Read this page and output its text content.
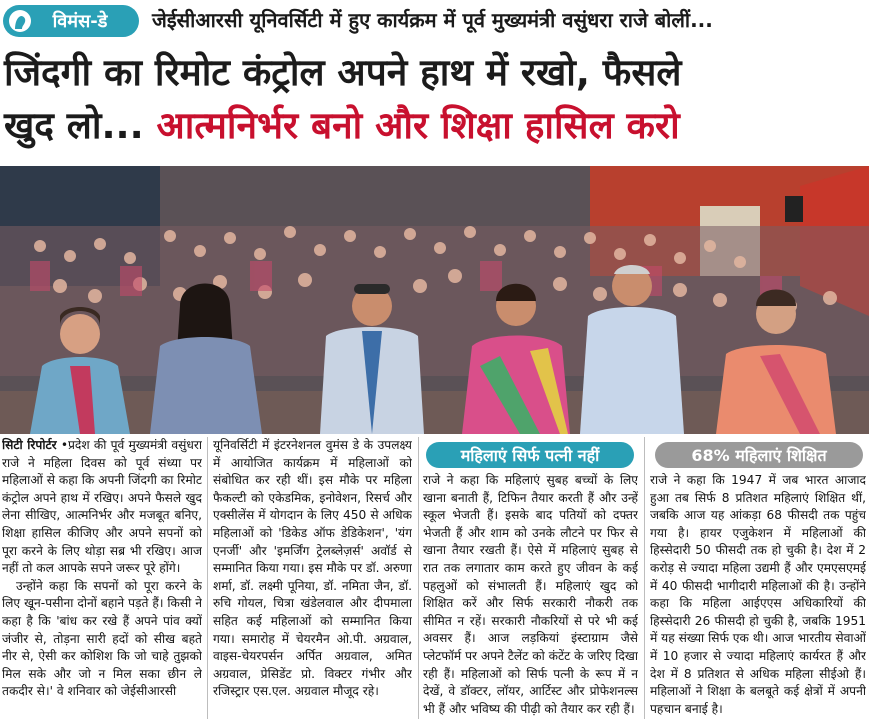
विमंस-डे जेईसीआरसी यूनिवर्सिटी में हुए कार्यक्रम में पूर्व मुख्यमंत्री वसुंधरा राजे बोलीं...
जिंदगी का रिमोट कंट्रोल अपने हाथ में रखो, फैसले
खुद लो... आत्मनिर्भर बनो और शिक्षा हासिल करो

सिटी रिपोर्टर •प्रदेश की पूर्व मुख्यमंत्री वसुंधरा राजे ने महिला दिवस को पूर्व संध्या पर महिलाओं से कहा कि अपनी जिंदगी का रिमोट कंट्रोल अपने हाथ में रखिए। अपने फैसले खुद लेना सीखिए, आत्मनिर्भर और मजबूत बनिए, शिक्षा हासिल कीजिए और अपने सपनों को पूरा करने के लिए थोड़ा सब्र भी रखिए। आज नहीं तो कल आपके सपने जरूर पूरे होंगे।

उन्होंने कहा कि सपनों को पूरा करने के लिए खून-पसीना दोनों बहाने पड़ते हैं। किसी ने कहा है कि 'बांध कर रखे हैं अपने पांव क्यों जंजीर से, तोड़ना सारी हदों को सीख बहते नीर से, ऐसी कर कोशिश कि जो चाहे तुझको मिल सके और जो न मिल सका छीन ले तकदीर से।' वे शनिवार को जेईसीआरसी

यूनिवर्सिटी में इंटरनेशनल वुमंस डे के उपलक्ष्य में आयोजित कार्यक्रम में महिलाओं को संबोधित कर रही थीं। इस मौके पर महिला फैकल्टी को एकेडमिक, इनोवेशन, रिसर्च और एक्सीलेंस में योगदान के लिए 450 से अधिक महिलाओं को 'डिकेड ऑफ डेडिकेशन', 'यंग एनर्जी' और 'इमर्जिंग ट्रेलब्लेज़र्स' अवॉर्ड से सम्मानित किया गया। इस मौके पर डॉ. अरुणा शर्मा, डॉ. लक्ष्मी पूनिया, डॉ. नमिता जैन, डॉ. रुचि गोयल, चित्रा खंडेलवाल और दीपमाला सहित कई महिलाओं को सम्मानित किया गया। समारोह में चेयरमैन ओ.पी. अग्रवाल, वाइस-चेयरपर्सन अर्पित अग्रवाल, अमित अग्रवाल, प्रेसिडेंट प्रो. विक्टर गंभीर और रजिस्ट्रार एस.एल. अग्रवाल मौजूद रहे।

महिलाएं सिर्फ पत्नी नहीं

राजे ने कहा कि महिलाएं सुबह बच्चों के लिए खाना बनाती हैं, टिफिन तैयार करती हैं और उन्हें स्कूल भेजती हैं। इसके बाद पतियों को दफ्तर भेजती हैं और शाम को उनके लौटने पर फिर से खाना तैयार रखती हैं। ऐसे में महिलाएं सुबह से रात तक लगातार काम करते हुए जीवन के कई पहलुओं को संभालती हैं। महिलाएं खुद को शिक्षित करें और सिर्फ सरकारी नौकरी तक सीमित न रहें। सरकारी नौकरियों से परे भी कई अवसर हैं। आज लड़कियां इंस्टाग्राम जैसे प्लेटफॉर्म पर अपने टैलेंट को कंटेंट के जरिए दिखा रही हैं। महिलाओं को सिर्फ पत्नी के रूप में न देखें, वे डॉक्टर, लॉयर, आर्टिस्ट और प्रोफेशनल्स भी हैं और भविष्य की पीढ़ी को तैयार कर रही हैं।

68% महिलाएं शिक्षित

राजे ने कहा कि 1947 में जब भारत आजाद हुआ तब सिर्फ 8 प्रतिशत महिलाएं शिक्षित थीं, जबकि आज यह आंकड़ा 68 फीसदी तक पहुंच गया है। हायर एजुकेशन में महिलाओं की हिस्सेदारी 50 फीसदी तक हो चुकी है। देश में 2 करोड़ से ज्यादा महिला उद्यमी हैं और एमएसएमई में 40 फीसदी भागीदारी महिलाओं की है। उन्होंने कहा कि महिला आईएएस अधिकारियों की हिस्सेदारी 26 फीसदी हो चुकी है, जबकि 1951 में यह संख्या सिर्फ एक थी। आज भारतीय सेवाओं में 10 हजार से ज्यादा महिलाएं कार्यरत हैं और देश में 8 प्रतिशत से अधिक महिला सीईओ हैं। महिलाओं ने शिक्षा के बलबूते कई क्षेत्रों में अपनी पहचान बनाई है।
